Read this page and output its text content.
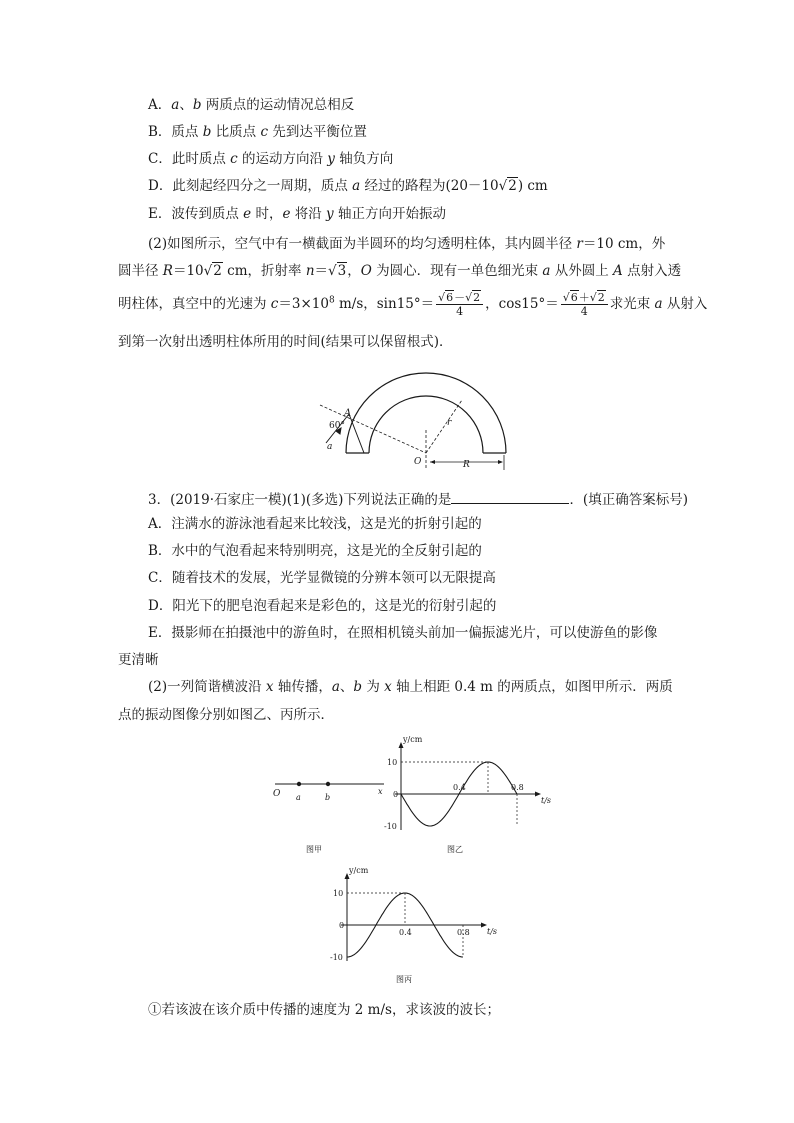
A．a、b 两质点的运动情况总相反
B．质点 b 比质点 c 先到达平衡位置
C．此时质点 c 的运动方向沿 y 轴负方向
D．此刻起经四分之一周期，质点 a 经过的路程为(20－10√2) cm
E．波传到质点 e 时，e 将沿 y 轴正方向开始振动
(2)如图所示，空气中有一横截面为半圆环的均匀透明柱体，其内圆半径 r＝10 cm，外
圆半径 R＝10√2 cm，折射率 n＝√3，O 为圆心．现有一单色细光束 a 从外圆上 A 点射入透
明柱体，真空中的光速为 $c=3\times 10^8$ m/s，$\sin 15^\circ= \frac{√6-√2}{4}$ ，$\cos 15^\circ= \frac{√6+√2}{4}$ 求光束 a 从射入
到第一次射出透明柱体所用的时间(结果可以保留根式)．
A
60°
a
O
r
R
3．(2019·石家庄一模)(1)(多选)下列说法正确的是	．(填正确答案标号)
A．注满水的游泳池看起来比较浅，这是光的折射引起的
B．水中的气泡看起来特别明亮，这是光的全反射引起的
C．随着技术的发展，光学显微镜的分辨本领可以无限提高
D．阳光下的肥皂泡看起来是彩色的，这是光的衍射引起的
E．摄影师在拍摄池中的游鱼时，在照相机镜头前加一偏振滤光片，可以使游鱼的影像
更清晰
(2)一列简谐横波沿 x 轴传播，a、b 为 x 轴上相距 0.4 m 的两质点，如图甲所示．两质
点的振动图像分别如图乙、丙所示．
O a	b
x
图甲
y/cm
t/s
10
0
-10
0.4	0.8
图乙
y/cm
t/s
10
0
-10
0.4	0.8
图丙
①若该波在该介质中传播的速度为 2 m/s，求该波的波长；
